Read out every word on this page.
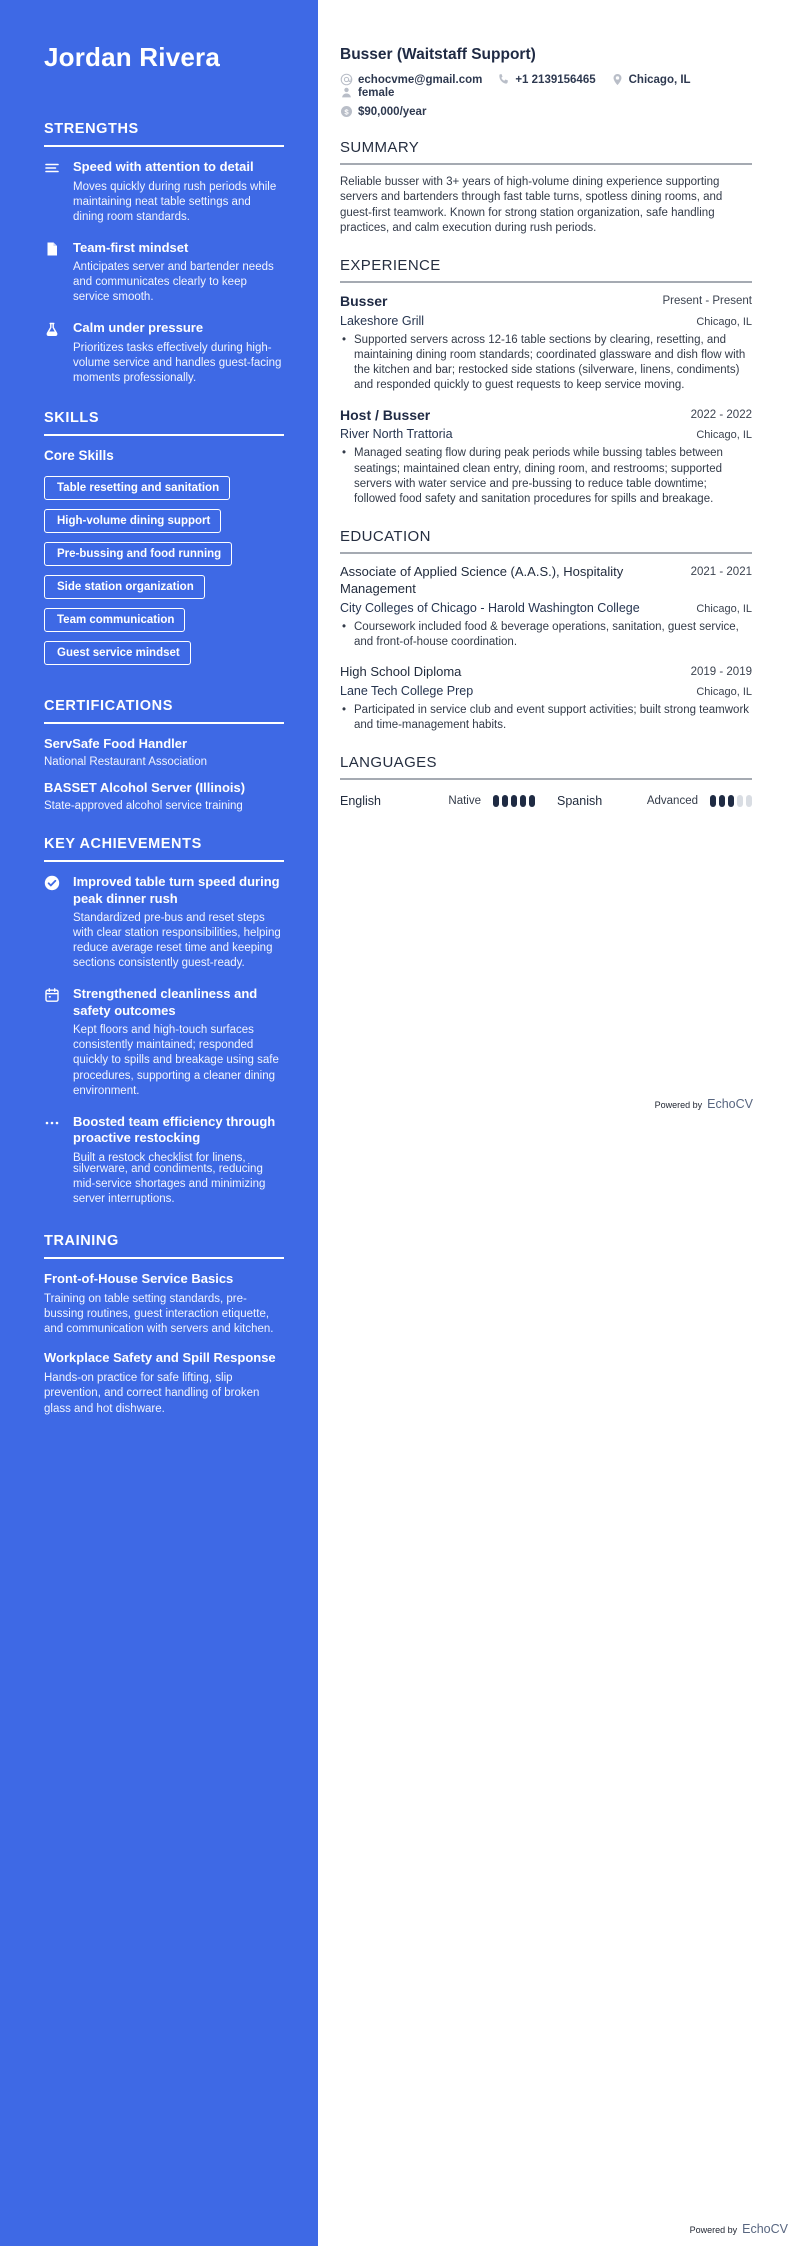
Jordan Rivera
STRENGTHS
Speed with attention to detail
Moves quickly during rush periods while maintaining neat table settings and dining room standards.
Team-first mindset
Anticipates server and bartender needs and communicates clearly to keep service smooth.
Calm under pressure
Prioritizes tasks effectively during high-volume service and handles guest-facing moments professionally.
SKILLS
Core Skills
Table resetting and sanitation
High-volume dining support
Pre-bussing and food running
Side station organization
Team communication
Guest service mindset
CERTIFICATIONS
ServSafe Food Handler
National Restaurant Association
BASSET Alcohol Server (Illinois)
State-approved alcohol service training
KEY ACHIEVEMENTS
Improved table turn speed during peak dinner rush
Standardized pre-bus and reset steps with clear station responsibilities, helping reduce average reset time and keeping sections consistently guest-ready.
Strengthened cleanliness and safety outcomes
Kept floors and high-touch surfaces consistently maintained; responded quickly to spills and breakage using safe procedures, supporting a cleaner dining environment.
Boosted team efficiency through proactive restocking
Built a restock checklist for linens,
silverware, and condiments, reducing mid-service shortages and minimizing server interruptions.
TRAINING
Front-of-House Service Basics
Training on table setting standards, pre-bussing routines, guest interaction etiquette, and communication with servers and kitchen.
Workplace Safety and Spill Response
Hands-on practice for safe lifting, slip prevention, and correct handling of broken glass and hot dishware.
Busser (Waitstaff Support)
echocvme@gmail.com	+1 2139156465	Chicago, IL
female
$ $90,000/year
SUMMARY
Reliable busser with 3+ years of high-volume dining experience supporting servers and bartenders through fast table turns, spotless dining rooms, and guest-first teamwork. Known for strong station organization, safe handling practices, and calm execution during rush periods.
EXPERIENCE
Busser	Present - Present
Lakeshore Grill	Chicago, IL
• Supported servers across 12-16 table sections by clearing, resetting, and maintaining dining room standards; coordinated glassware and dish flow with the kitchen and bar; restocked side stations (silverware, linens, condiments) and responded quickly to guest requests to keep service moving.
Host / Busser	2022 - 2022
River North Trattoria	Chicago, IL
• Managed seating flow during peak periods while bussing tables between seatings; maintained clean entry, dining room, and restrooms; supported servers with water service and pre-bussing to reduce table downtime; followed food safety and sanitation procedures for spills and breakage.
EDUCATION
Associate of Applied Science (A.A.S.), Hospitality Management
2021 - 2021
City Colleges of Chicago - Harold Washington College	Chicago, IL
• Coursework included food & beverage operations, sanitation, guest service, and front-of-house coordination.
High School Diploma	2019 - 2019
Lane Tech College Prep	Chicago, IL
• Participated in service club and event support activities; built strong teamwork and time-management habits.
LANGUAGES
English	Native	Spanish	Advanced
Powered by EchoCV
Powered by EchoCV
